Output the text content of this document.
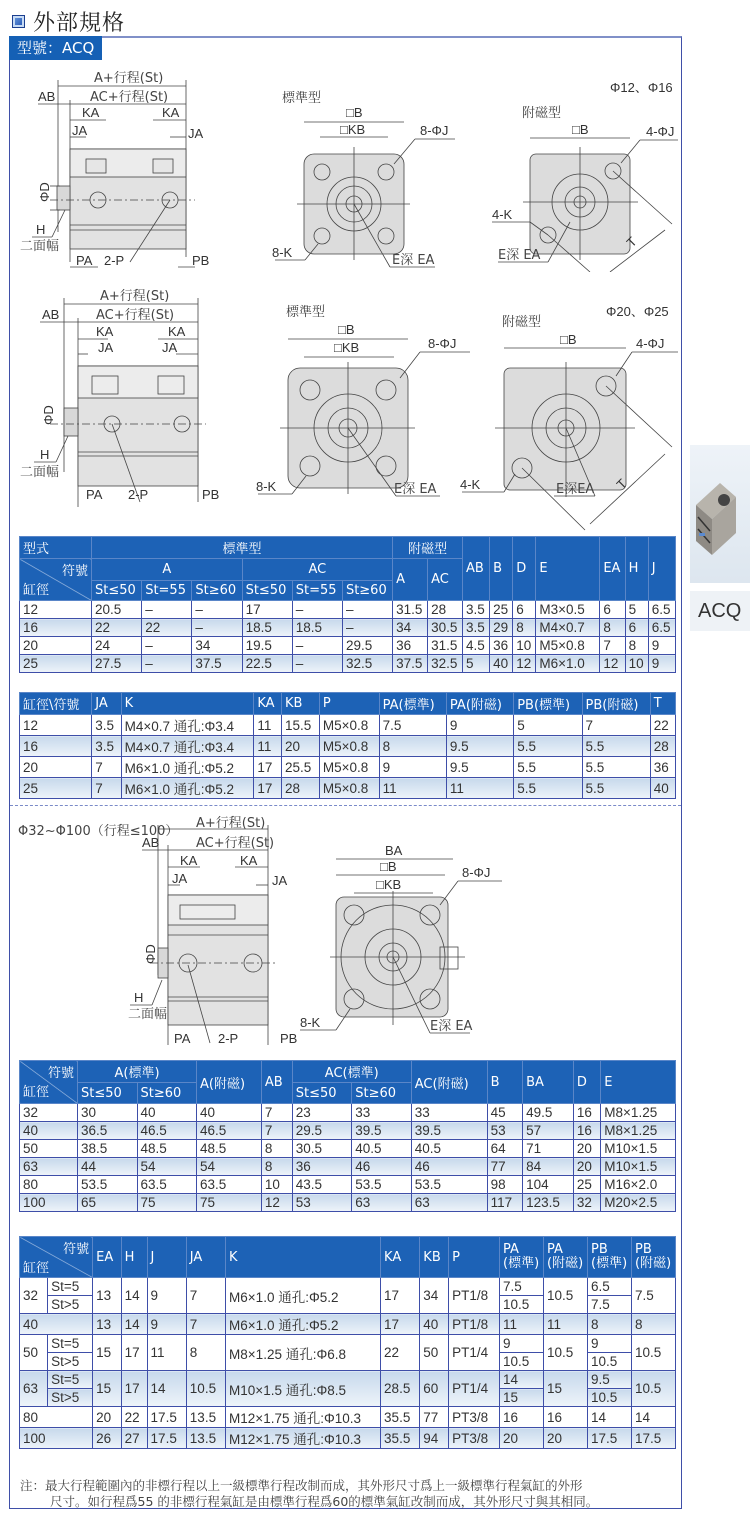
外部規格
型號：ACQ
ACQ
A+行程(St)
AC+行程(St)
AB
KA	KA
JA	JA
ΦD
H
二面幅
PA 2-P	PB
標準型
□B
□KB	8-ΦJ
8-K
E深 EA
Φ12、Φ16
附磁型
□B	4-ΦJ
4-K
E深 EA
T
A+行程(St)
AC+行程(St)
AB
KA	KA
JA	JA
ΦD
H
二面幅
PA 2-P	PB
標準型
□B
□KB	8-ΦJ
8-K	E深 EA
Φ20、Φ25
附磁型
□B	4-ΦJ
4-K	E深EA T
型式	標準型						附磁型		AB	B	D	E	EA	H	J

符號
缸徑	A			AC			A	AC							
	St≤50	St=55	St≥60	St≤50	St=55	St≥60									
12	20.5	–	–	17	–	–	31.5	28	3.5	25	6	M3×0.5	6	5	6.5
16	22	22	–	18.5	18.5	–	34	30.5	3.5	29	8	M4×0.7	8	6	6.5
20	24	–	34	19.5	–	29.5	36	31.5	4.5	36	10	M5×0.8	7	8	9
25	27.5	–	37.5	22.5	–	32.5	37.5	32.5	5	40	12	M6×1.0	12	10	9
缸徑\符號	JA	K	KA	KB	P	PA(標準)	PA(附磁)	PB(標準)	PB(附磁)	T
12	3.5	M4×0.7 通孔:Φ3.4	11	15.5	M5×0.8	7.5	9	5	7	22
16	3.5	M4×0.7 通孔:Φ3.4	11	20	M5×0.8	8	9.5	5.5	5.5	28
20	7	M6×1.0 通孔:Φ5.2	17	25.5	M5×0.8	9	9.5	5.5	5.5	36
25	7	M6×1.0 通孔:Φ5.2	17	28	M5×0.8	11	11	5.5	5.5	40
Φ32~Φ100（行程≤100）
A+行程(St)
AC+行程(St)
AB
KA	KA
JA	JA
ΦD
H
二面幅
PA 2-P	PB
BA
□B
□KB
8-ΦJ
8-K	E深 EA
符號
缸徑	A(標準)		A(附磁)	AB	AC(標準)		AC(附磁)	B	BA	D	E
	St≤50	St≥60			St≤50	St≥60					
32	30	40	40	7	23	33	33	45	49.5	16	M8×1.25
40	36.5	46.5	46.5	7	29.5	39.5	39.5	53	57	16	M8×1.25
50	38.5	48.5	48.5	8	30.5	40.5	40.5	64	71	20	M10×1.5
63	44	54	54	8	36	46	46	77	84	20	M10×1.5
80	53.5	63.5	63.5	10	43.5	53.5	53.5	98	104	25	M16×2.0
100	65	75	75	12	53	63	63	117	123.5	32	M20×2.5
符號
缸徑		EA	H	J	JA	K	KA	KB	P	PA (標準)	PA (附磁)	PB (標準)	PB (附磁)
32	St=5	13	14	9	7	M6×1.0 通孔:Φ5.2	17	34	PT1/8	7.5	10.5	6.5	7.5
	St>5									10.5		7.5	
40		13	14	9	7	M6×1.0 通孔:Φ5.2	17	40	PT1/8	11	11	8	8
50	St=5	15	17	11	8	M8×1.25 通孔:Φ6.8	22	50	PT1/4	9	10.5	9	10.5
	St>5									10.5		10.5	
63	St=5	15	17	14	10.5	M10×1.5 通孔:Φ8.5	28.5	60	PT1/4	14	15	9.5	10.5
	St>5									15		10.5	
80		20	22	17.5	13.5	M12×1.75 通孔:Φ10.3	35.5	77	PT3/8	16	16	14	14
100		26	27	17.5	13.5	M12×1.75 通孔:Φ10.3	35.5	94	PT3/8	20	20	17.5	17.5
注：最大行程範圍內的非標行程以上一級標準行程改制而成，其外形尺寸爲上一級標準行程氣缸的外形
尺寸。如行程爲55 的非標行程氣缸是由標準行程爲60的標準氣缸改制而成，其外形尺寸與其相同。
